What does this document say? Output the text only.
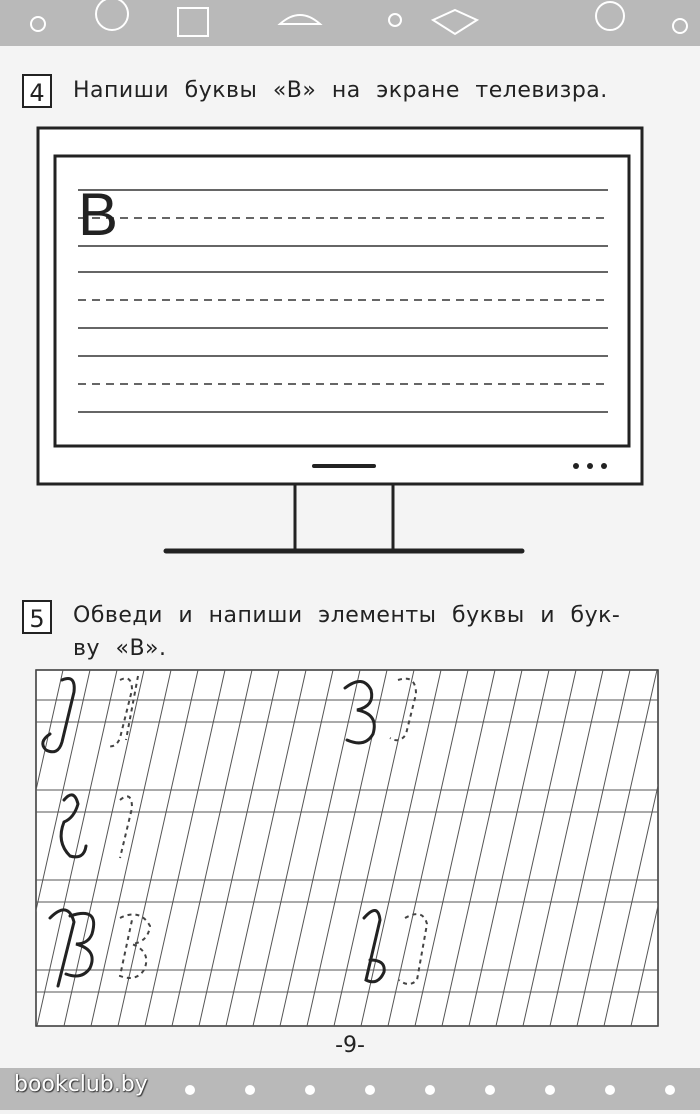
4	Напиши буквы «В» на экране телевизра.
В
5	Обведи и напиши элементы буквы и бук-
ву «В».
-9-
bookclub.by
